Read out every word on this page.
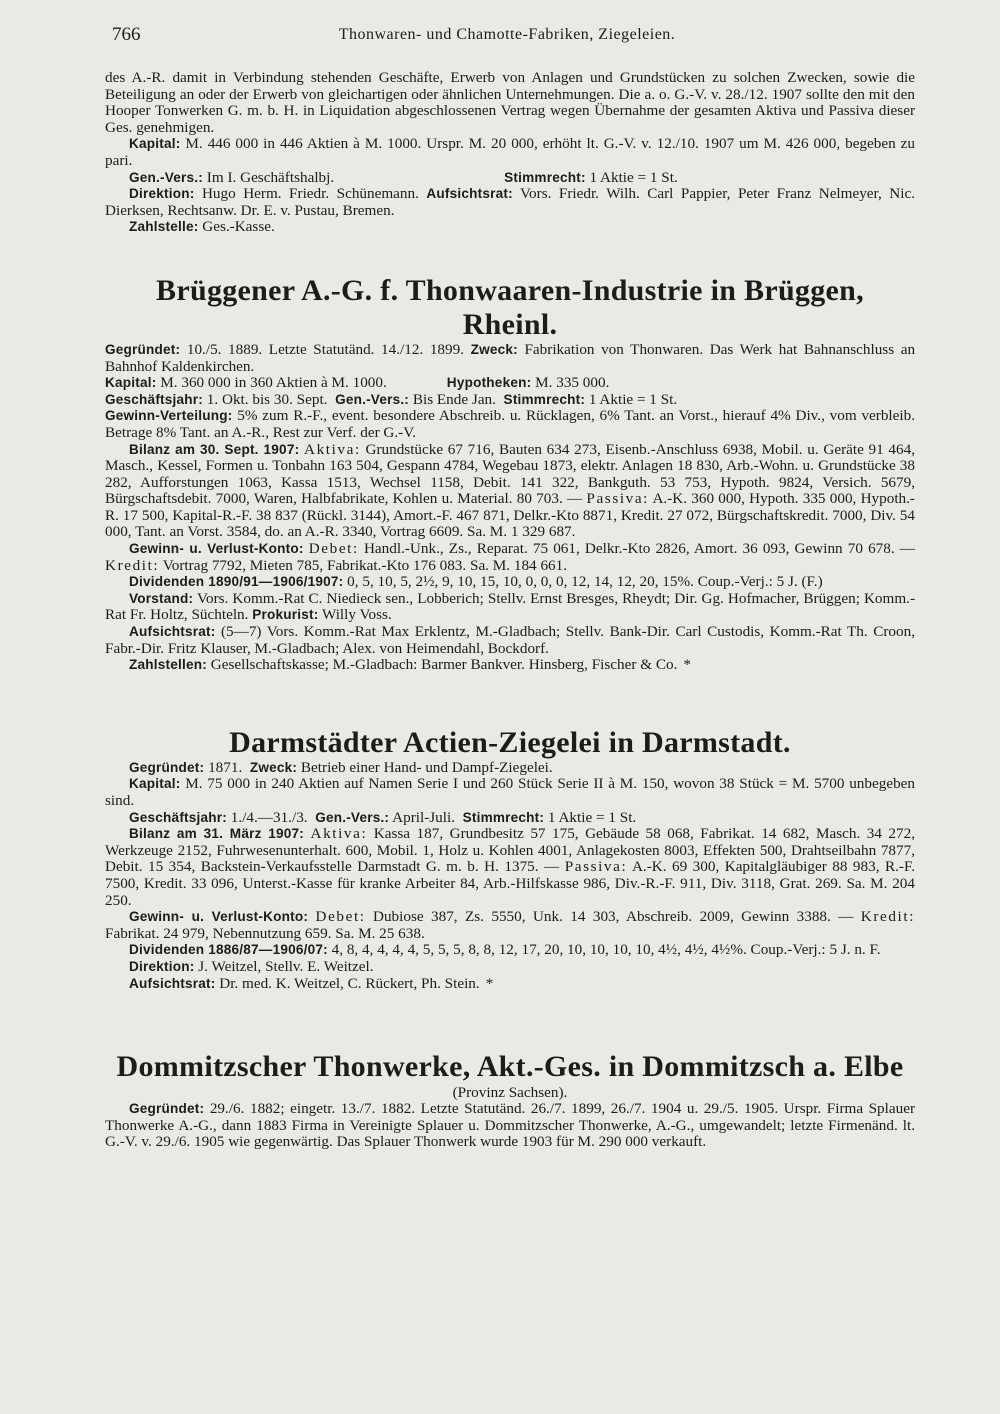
766	Thonwaren- und Chamotte-Fabriken, Ziegeleien.

des A.-R. damit in Verbindung stehenden Geschäfte, Erwerb von Anlagen und Grundstücken zu solchen Zwecken, sowie die Beteiligung an oder der Erwerb von gleichartigen oder ähnlichen Unternehmungen. Die a. o. G.-V. v. 28./12. 1907 sollte den mit den Hooper Tonwerken G. m. b. H. in Liquidation abgeschlossenen Vertrag wegen Übernahme der gesamten Aktiva und Passiva dieser Ges. genehmigen.

Kapital: M. 446 000 in 446 Aktien à M. 1000. Urspr. M. 20 000, erhöht lt. G.-V. v. 12./10. 1907 um M. 426 000, begeben zu pari.

Gen.-Vers.: Im I. Geschäftshalbj.	Stimmrecht: 1 Aktie = 1 St.

Direktion: Hugo Herm. Friedr. Schünemann. Aufsichtsrat: Vors. Friedr. Wilh. Carl Pappier, Peter Franz Nelmeyer, Nic. Dierksen, Rechtsanw. Dr. E. v. Pustau, Bremen.

Zahlstelle: Ges.-Kasse.

Brüggener A.-G. f. Thonwaaren-Industrie in Brüggen, Rheinl.

Gegründet: 10./5. 1889. Letzte Statutänd. 14./12. 1899. Zweck: Fabrikation von Thonwaren. Das Werk hat Bahnanschluss an Bahnhof Kaldenkirchen.

Kapital: M. 360 000 in 360 Aktien à M. 1000.	Hypotheken: M. 335 000.

Geschäftsjahr: 1. Okt. bis 30. Sept. Gen.-Vers.: Bis Ende Jan. Stimmrecht: 1 Aktie = 1 St.

Gewinn-Verteilung: 5% zum R.-F., event. besondere Abschreib. u. Rücklagen, 6% Tant. an Vorst., hierauf 4% Div., vom verbleib. Betrage 8% Tant. an A.-R., Rest zur Verf. der G.-V.

Bilanz am 30. Sept. 1907: Aktiva: Grundstücke 67 716, Bauten 634 273, Eisenb.-Anschluss 6938, Mobil. u. Geräte 91 464, Masch., Kessel, Formen u. Tonbahn 163 504, Gespann 4784, Wegebau 1873, elektr. Anlagen 18 830, Arb.-Wohn. u. Grundstücke 38 282, Aufforstungen 1063, Kassa 1513, Wechsel 1158, Debit. 141 322, Bankguth. 53 753, Hypoth. 9824, Versich. 5679, Bürgschaftsdebit. 7000, Waren, Halbfabrikate, Kohlen u. Material. 80 703. — Passiva: A.-K. 360 000, Hypoth. 335 000, Hypoth.-R. 17 500, Kapital-R.-F. 38 837 (Rückl. 3144), Amort.-F. 467 871, Delkr.-Kto 8871, Kredit. 27 072, Bürgschaftskredit. 7000, Div. 54 000, Tant. an Vorst. 3584, do. an A.-R. 3340, Vortrag 6609. Sa. M. 1 329 687.

Gewinn- u. Verlust-Konto: Debet: Handl.-Unk., Zs., Reparat. 75 061, Delkr.-Kto 2826, Amort. 36 093, Gewinn 70 678. — Kredit: Vortrag 7792, Mieten 785, Fabrikat.-Kto 176 083. Sa. M. 184 661.

Dividenden 1890/91—1906/1907: 0, 5, 10, 5, 2½, 9, 10, 15, 10, 0, 0, 0, 12, 14, 12, 20, 15%. Coup.-Verj.: 5 J. (F.)

Vorstand: Vors. Komm.-Rat C. Niedieck sen., Lobberich; Stellv. Ernst Bresges, Rheydt; Dir. Gg. Hofmacher, Brüggen; Komm.-Rat Fr. Holtz, Süchteln. Prokurist: Willy Voss.

Aufsichtsrat: (5—7) Vors. Komm.-Rat Max Erklentz, M.-Gladbach; Stellv. Bank-Dir. Carl Custodis, Komm.-Rat Th. Croon, Fabr.-Dir. Fritz Klauser, M.-Gladbach; Alex. von Heimendahl, Bockdorf.

Zahlstellen: Gesellschaftskasse; M.-Gladbach: Barmer Bankver. Hinsberg, Fischer & Co. *

Darmstädter Actien-Ziegelei in Darmstadt.

Gegründet: 1871. Zweck: Betrieb einer Hand- und Dampf-Ziegelei.

Kapital: M. 75 000 in 240 Aktien auf Namen Serie I und 260 Stück Serie II à M. 150, wovon 38 Stück = M. 5700 unbegeben sind.

Geschäftsjahr: 1./4.—31./3. Gen.-Vers.: April-Juli. Stimmrecht: 1 Aktie = 1 St.

Bilanz am 31. März 1907: Aktiva: Kassa 187, Grundbesitz 57 175, Gebäude 58 068, Fabrikat. 14 682, Masch. 34 272, Werkzeuge 2152, Fuhrwesenunterhalt. 600, Mobil. 1, Holz u. Kohlen 4001, Anlagekosten 8003, Effekten 500, Drahtseilbahn 7877, Debit. 15 354, Backstein-Verkaufsstelle Darmstadt G. m. b. H. 1375. — Passiva: A.-K. 69 300, Kapitalgläubiger 88 983, R.-F. 7500, Kredit. 33 096, Unterst.-Kasse für kranke Arbeiter 84, Arb.-Hilfskasse 986, Div.-R.-F. 911, Div. 3118, Grat. 269. Sa. M. 204 250.

Gewinn- u. Verlust-Konto: Debet: Dubiose 387, Zs. 5550, Unk. 14 303, Abschreib. 2009, Gewinn 3388. — Kredit: Fabrikat. 24 979, Nebennutzung 659. Sa. M. 25 638.

Dividenden 1886/87—1906/07: 4, 8, 4, 4, 4, 4, 5, 5, 5, 8, 8, 12, 17, 20, 10, 10, 10, 10, 4½, 4½, 4½%. Coup.-Verj.: 5 J. n. F.

Direktion: J. Weitzel, Stellv. E. Weitzel.

Aufsichtsrat: Dr. med. K. Weitzel, C. Rückert, Ph. Stein. *

Dommitzscher Thonwerke, Akt.-Ges. in Dommitzsch a. Elbe

(Provinz Sachsen).

Gegründet: 29./6. 1882; eingetr. 13./7. 1882. Letzte Statutänd. 26./7. 1899, 26./7. 1904 u. 29./5. 1905. Urspr. Firma Splauer Thonwerke A.-G., dann 1883 Firma in Vereinigte Splauer u. Dommitzscher Thonwerke, A.-G., umgewandelt; letzte Firmenänd. lt. G.-V. v. 29./6. 1905 wie gegenwärtig. Das Splauer Thonwerk wurde 1903 für M. 290 000 verkauft.
